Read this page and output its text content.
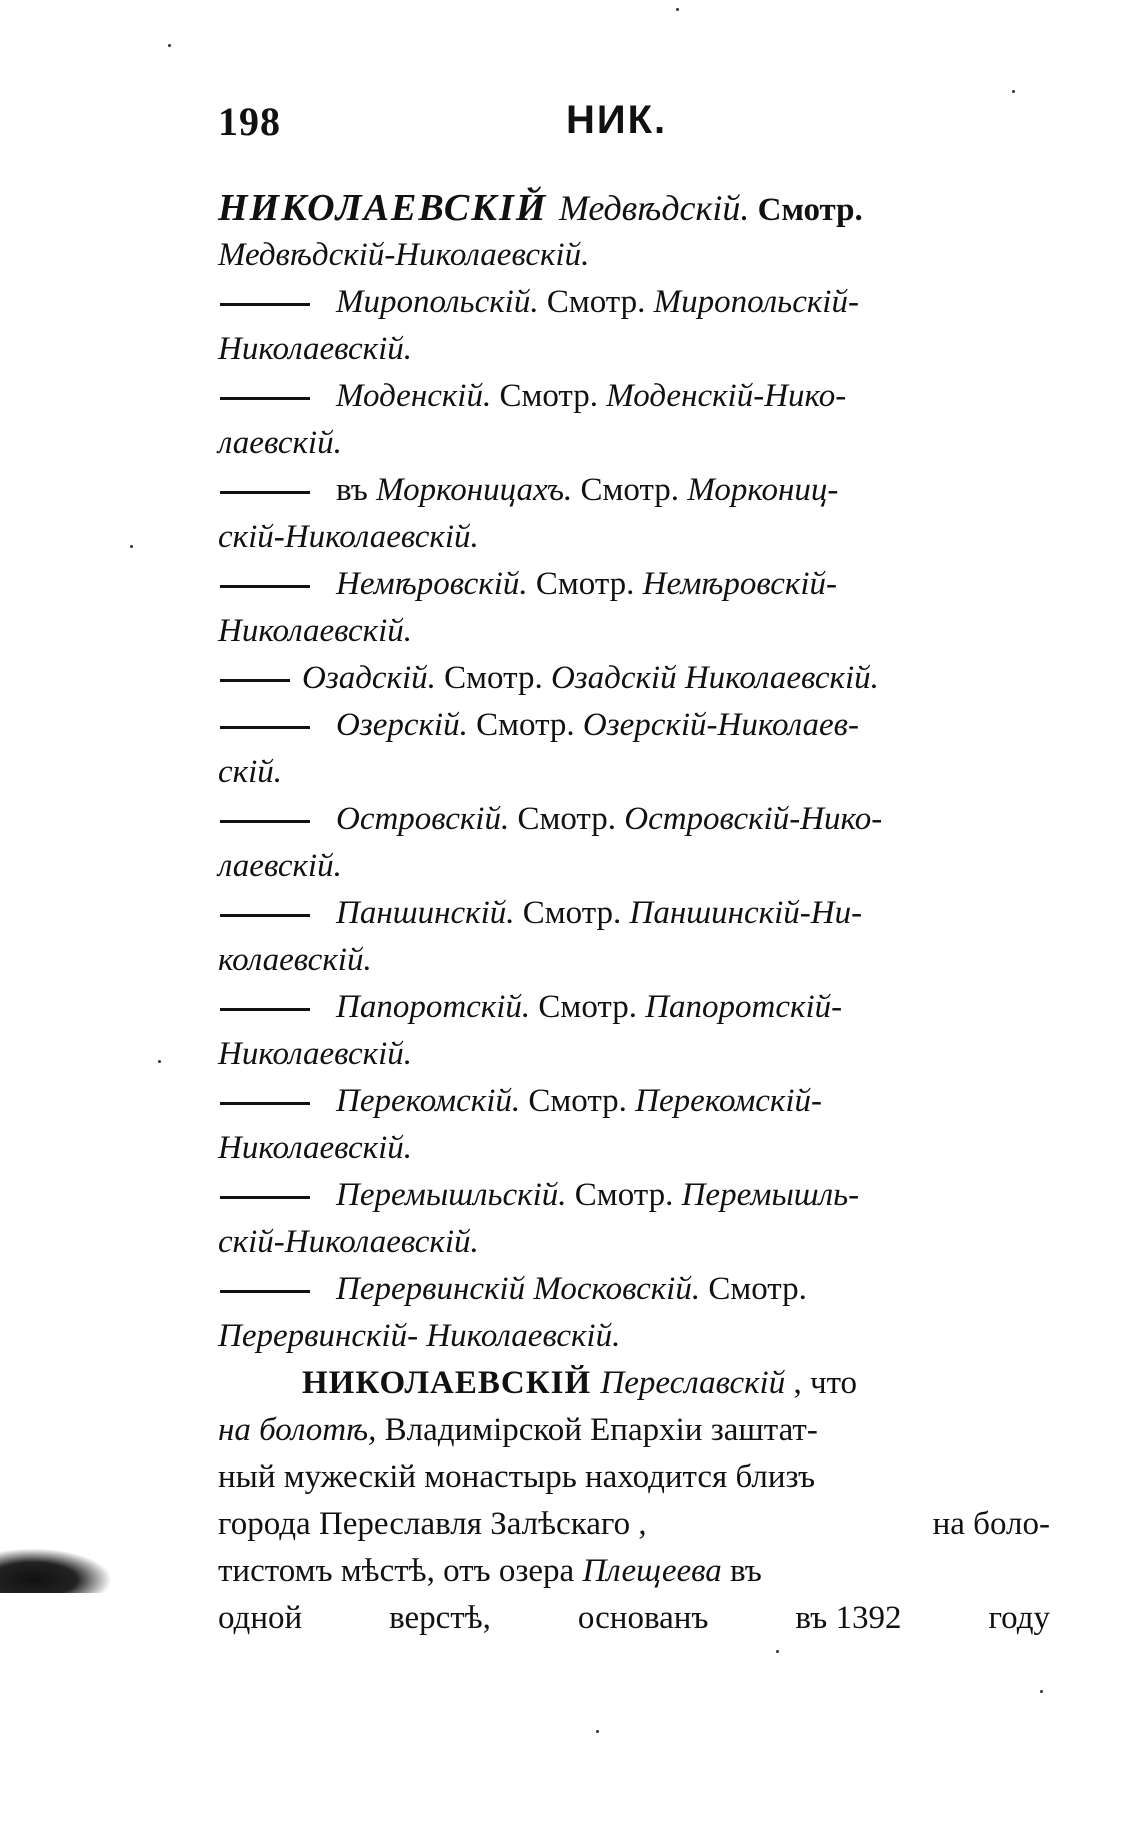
198	НИК.
НИКОЛАЕВСКІЙ Медвѣдскій. Смотр.
Медвѣдскій-Николаевскій.
Миропольскій. Смотр. Миропольскій-
Николаевскій.
Моденскій. Смотр. Моденскій-Нико-
лаевскій.
въ Морконицахъ. Смотр. Моркониц-
скій-Николаевскій.
Немѣровскій. Смотр. Немѣровскій-
Николаевскій.
Озадскій. Смотр. Озадскій Николаевскій.
Озерскій. Смотр. Озерскій-Николаев-
скій.
Островскій. Смотр. Островскій-Нико-
лаевскій.
Паншинскій. Смотр. Паншинскій-Ни-
колаевскій.
Папоротскій. Смотр. Папоротскій-
Николаевскій.
Перекомскій. Смотр. Перекомскій-
Николаевскій.
Перемышльскій. Смотр. Перемышль-
скій-Николаевскій.
Перервинскій Московскій. Смотр.
Перервинскій- Николаевскій.
НИКОЛАЕВСКІЙ Переславскій , что
на болотѣ, Владимірской Епархіи заштат-
ный мужескій монастырь находится близъ
города Переславля Залѣскаго ,	на боло-
тистомъ мѣстѣ, отъ озера Плещеева въ
одной	верстѣ,	основанъ	въ 1392	году
